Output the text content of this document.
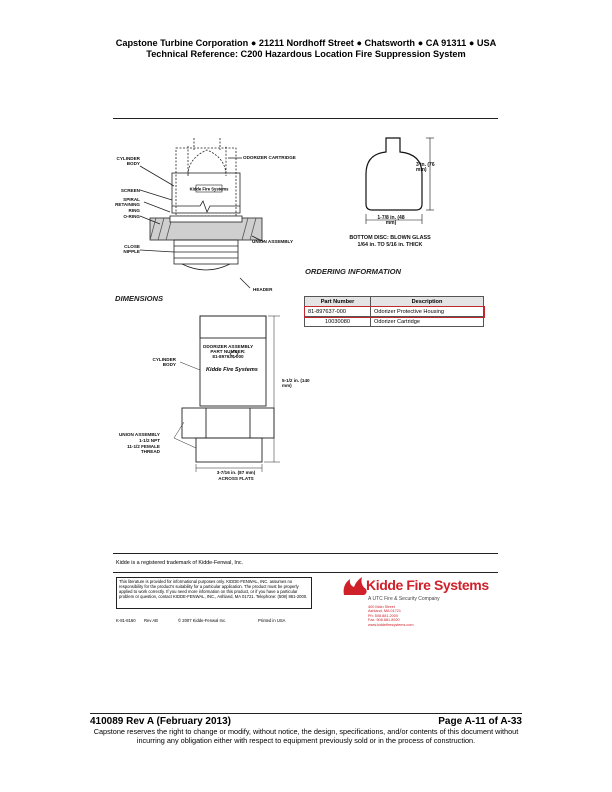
Capstone Turbine Corporation ● 21211 Nordhoff Street ● Chatsworth ● CA 91311 ● USA
Technical Reference: C200 Hazardous Location Fire Suppression System
Kidde Fire Systems
CYLINDER BODY
ODORIZER CARTRIDGE
SCREEN
SPIRAL RETAINING RING
O-RING
UNION ASSEMBLY
CLOSE NIPPLE
HEADER
3 in. (76 mm)
1-7/8 in. (48 mm)
BOTTOM DISC: BLOWN GLASS
1/64 in. TO 5/16 in. THICK
ORDERING INFORMATION
Part Number	Description
81-897637-000	Odorizer Protective Housing
10030080	Odorizer Cartridge
DIMENSIONS
ODORIZER ASSEMBLY
PART NUMBER:
81-897637-000
Kidde Fire Systems
CYLINDER BODY
UNION ASSEMBLY
1-1/2 NPT
11-1/2 FEMALE THREAD
5-1/2 in. (140 mm)
3-7/16 in. (87 mm)
ACROSS FLATS
Kidde is a registered trademark of Kidde-Fenwal, Inc.
This literature is provided for informational purposes only. KIDDE-FENWAL, INC. assumes no responsibility for the product's suitability for a particular application. The product must be properly applied to work correctly. If you need more information on this product, or if you have a particular problem or question, contact KIDDE-FENWAL, INC., Ashland, MA 01721. Telephone: (508) 881-2000.
K-81-8160 Rev AB	© 2007 Kidde-Fenwal Inc.	Printed in USA
Kidde Fire Systems
A UTC Fire & Security Company
400 Main Street
Ashland, MA 01721
Ph: 508.881.2000
Fax: 508.881.8920
www.kiddefiresystems.com
410089 Rev A (February 2013)	Page A-11 of A-33
Capstone reserves the right to change or modify, without notice, the design, specifications, and/or contents of this document without incurring any obligation either with respect to equipment previously sold or in the process of construction.
